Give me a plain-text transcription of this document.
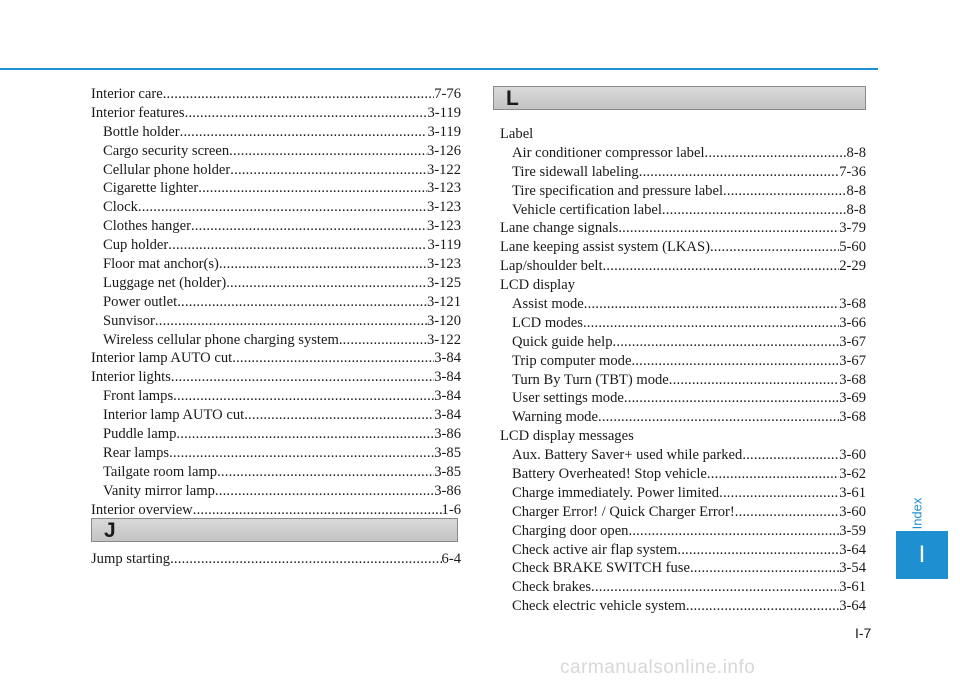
Interior care .....	7-76
Interior features .....	3-119
Bottle holder .....	3-119
Cargo security screen .....	3-126
Cellular phone holder .....	3-122
Cigarette lighter .....	3-123
Clock .....	3-123
Clothes hanger .....	3-123
Cup holder .....	3-119
Floor mat anchor(s) .....	3-123
Luggage net (holder) .....	3-125
Power outlet .....	3-121
Sunvisor .....	3-120
Wireless cellular phone charging system .....	3-122
Interior lamp AUTO cut .....	3-84
Interior lights .....	3-84
Front lamps .....	3-84
Interior lamp AUTO cut .....	3-84
Puddle lamp .....	3-86
Rear lamps .....	3-85
Tailgate room lamp .....	3-85
Vanity mirror lamp .....	3-86
Interior overview .....	1-6
J
Jump starting .....	6-4
L
Label
Air conditioner compressor label .....	8-8
Tire sidewall labeling .....	7-36
Tire specification and pressure label .....	8-8
Vehicle certification label .....	8-8
Lane change signals .....	3-79
Lane keeping assist system (LKAS) .....	5-60
Lap/shoulder belt .....	2-29
LCD display
Assist mode .....	3-68
LCD modes .....	3-66
Quick guide help .....	3-67
Trip computer mode .....	3-67
Turn By Turn (TBT) mode .....	3-68
User settings mode .....	3-69
Warning mode .....	3-68
LCD display messages
Aux. Battery Saver+ used while parked .....	3-60
Battery Overheated! Stop vehicle .....	3-62
Charge immediately. Power limited .....	3-61
Charger Error! / Quick Charger Error! .....	3-60
Charging door open .....	3-59
Check active air flap system .....	3-64
Check BRAKE SWITCH fuse .....	3-54
Check brakes .....	3-61
Check electric vehicle system .....	3-64
Index
I
I-7
carmanualsonline.info
